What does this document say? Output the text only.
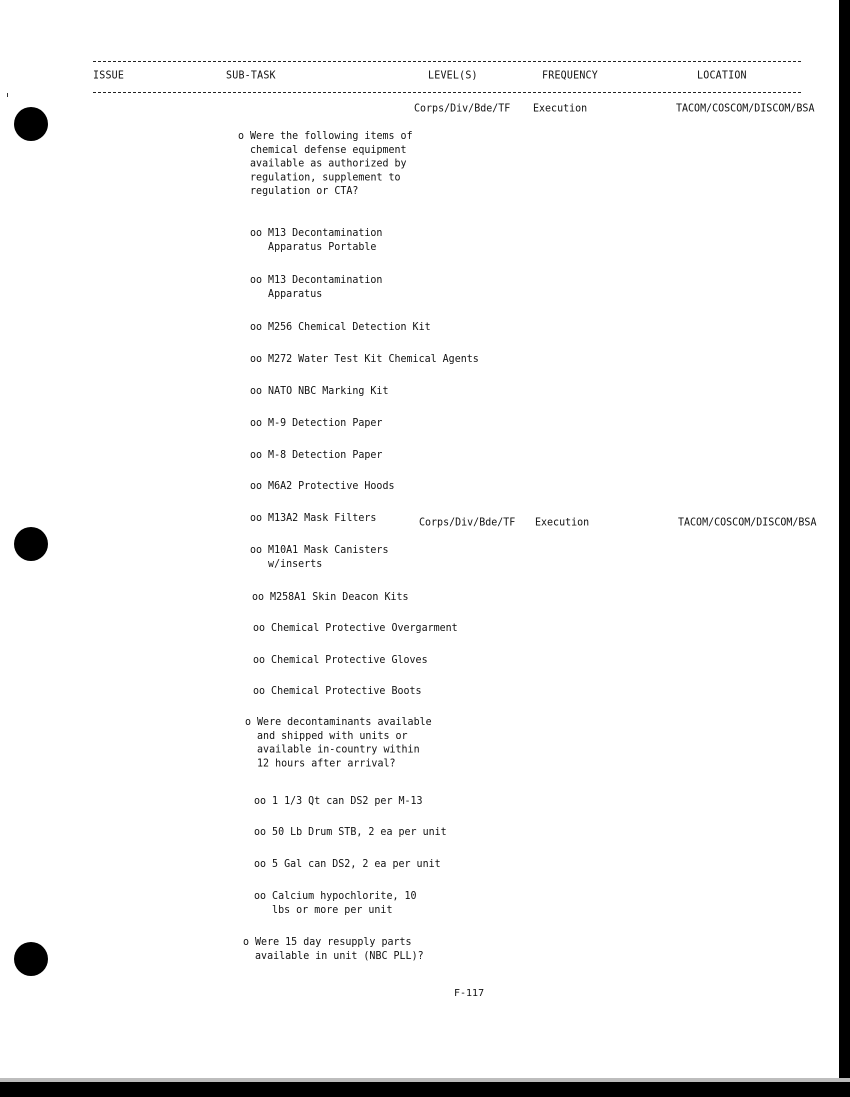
ISSUE	SUB-TASK	LEVEL(S)	FREQUENCY	LOCATION

o Were the following items of
chemical defense equipment
available as authorized by
regulation, supplement to
regulation or CTA?

Corps/Div/Bde/TF Execution	TACOM/COSCOM/DISCOM/BSA

oo M13 Decontamination
Apparatus Portable

oo M13 Decontamination
Apparatus

oo M256 Chemical Detection Kit

oo M272 Water Test Kit Chemical Agents

oo NATO NBC Marking Kit

oo M-9 Detection Paper

oo M-8 Detection Paper

oo M6A2 Protective Hoods

oo M13A2 Mask Filters

oo M10A1 Mask Canisters
w/inserts

Corps/Div/Bde/TF Execution	TACOM/COSCOM/DISCOM/BSA

oo M258A1 Skin Deacon Kits

oo Chemical Protective Overgarment

oo Chemical Protective Gloves

oo Chemical Protective Boots

o Were decontaminants available
and shipped with units or
available in-country within
12 hours after arrival?

oo 1 1/3 Qt can DS2 per M-13

oo 50 Lb Drum STB, 2 ea per unit

oo 5 Gal can DS2, 2 ea per unit

oo Calcium hypochlorite, 10
lbs or more per unit

o Were 15 day resupply parts
available in unit (NBC PLL)?

F-117
